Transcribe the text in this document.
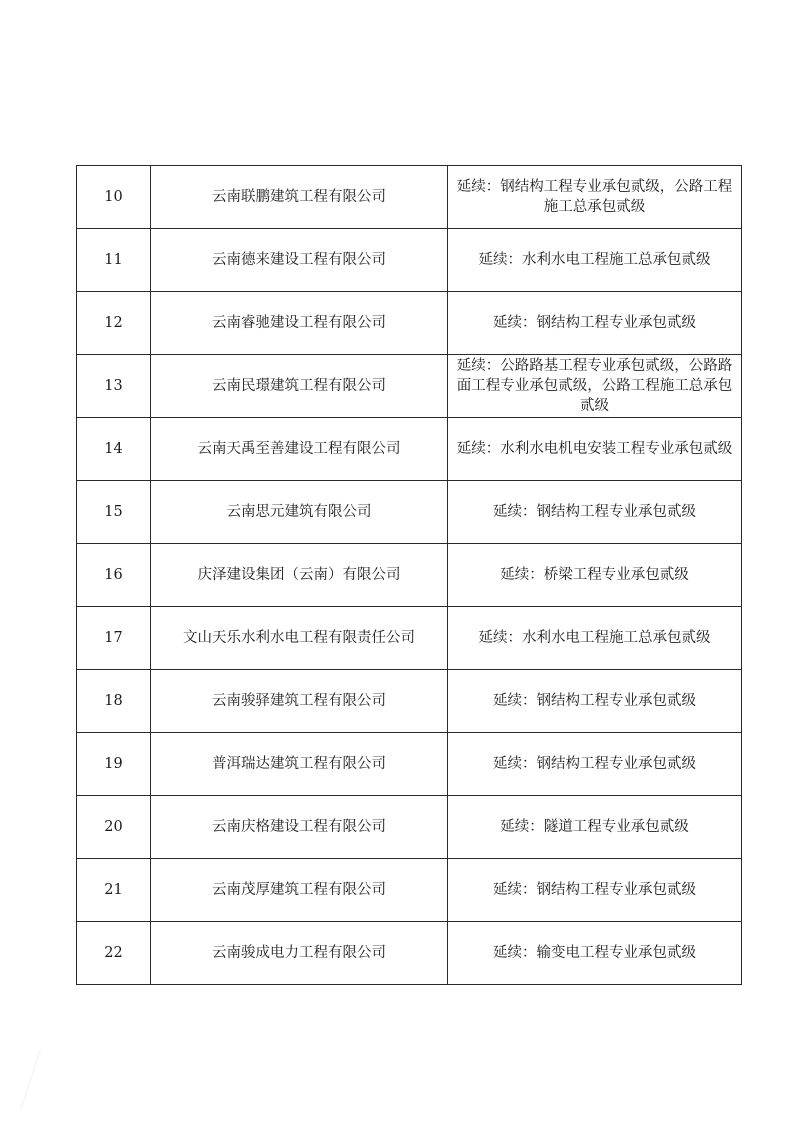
10	云南联鹏建筑工程有限公司	延续：钢结构工程专业承包贰级，公路工程施工总承包贰级
11	云南德来建设工程有限公司	延续：水利水电工程施工总承包贰级
12	云南睿驰建设工程有限公司	延续：钢结构工程专业承包贰级
13	云南民璟建筑工程有限公司	延续：公路路基工程专业承包贰级，公路路面工程专业承包贰级，公路工程施工总承包贰级
14	云南天禹至善建设工程有限公司	延续：水利水电机电安装工程专业承包贰级
15	云南思元建筑有限公司	延续：钢结构工程专业承包贰级
16	庆泽建设集团（云南）有限公司	延续：桥梁工程专业承包贰级
17	文山天乐水利水电工程有限责任公司	延续：水利水电工程施工总承包贰级
18	云南骏驿建筑工程有限公司	延续：钢结构工程专业承包贰级
19	普洱瑞达建筑工程有限公司	延续：钢结构工程专业承包贰级
20	云南庆格建设工程有限公司	延续：隧道工程专业承包贰级
21	云南茂厚建筑工程有限公司	延续：钢结构工程专业承包贰级
22	云南骏成电力工程有限公司	延续：输变电工程专业承包贰级
